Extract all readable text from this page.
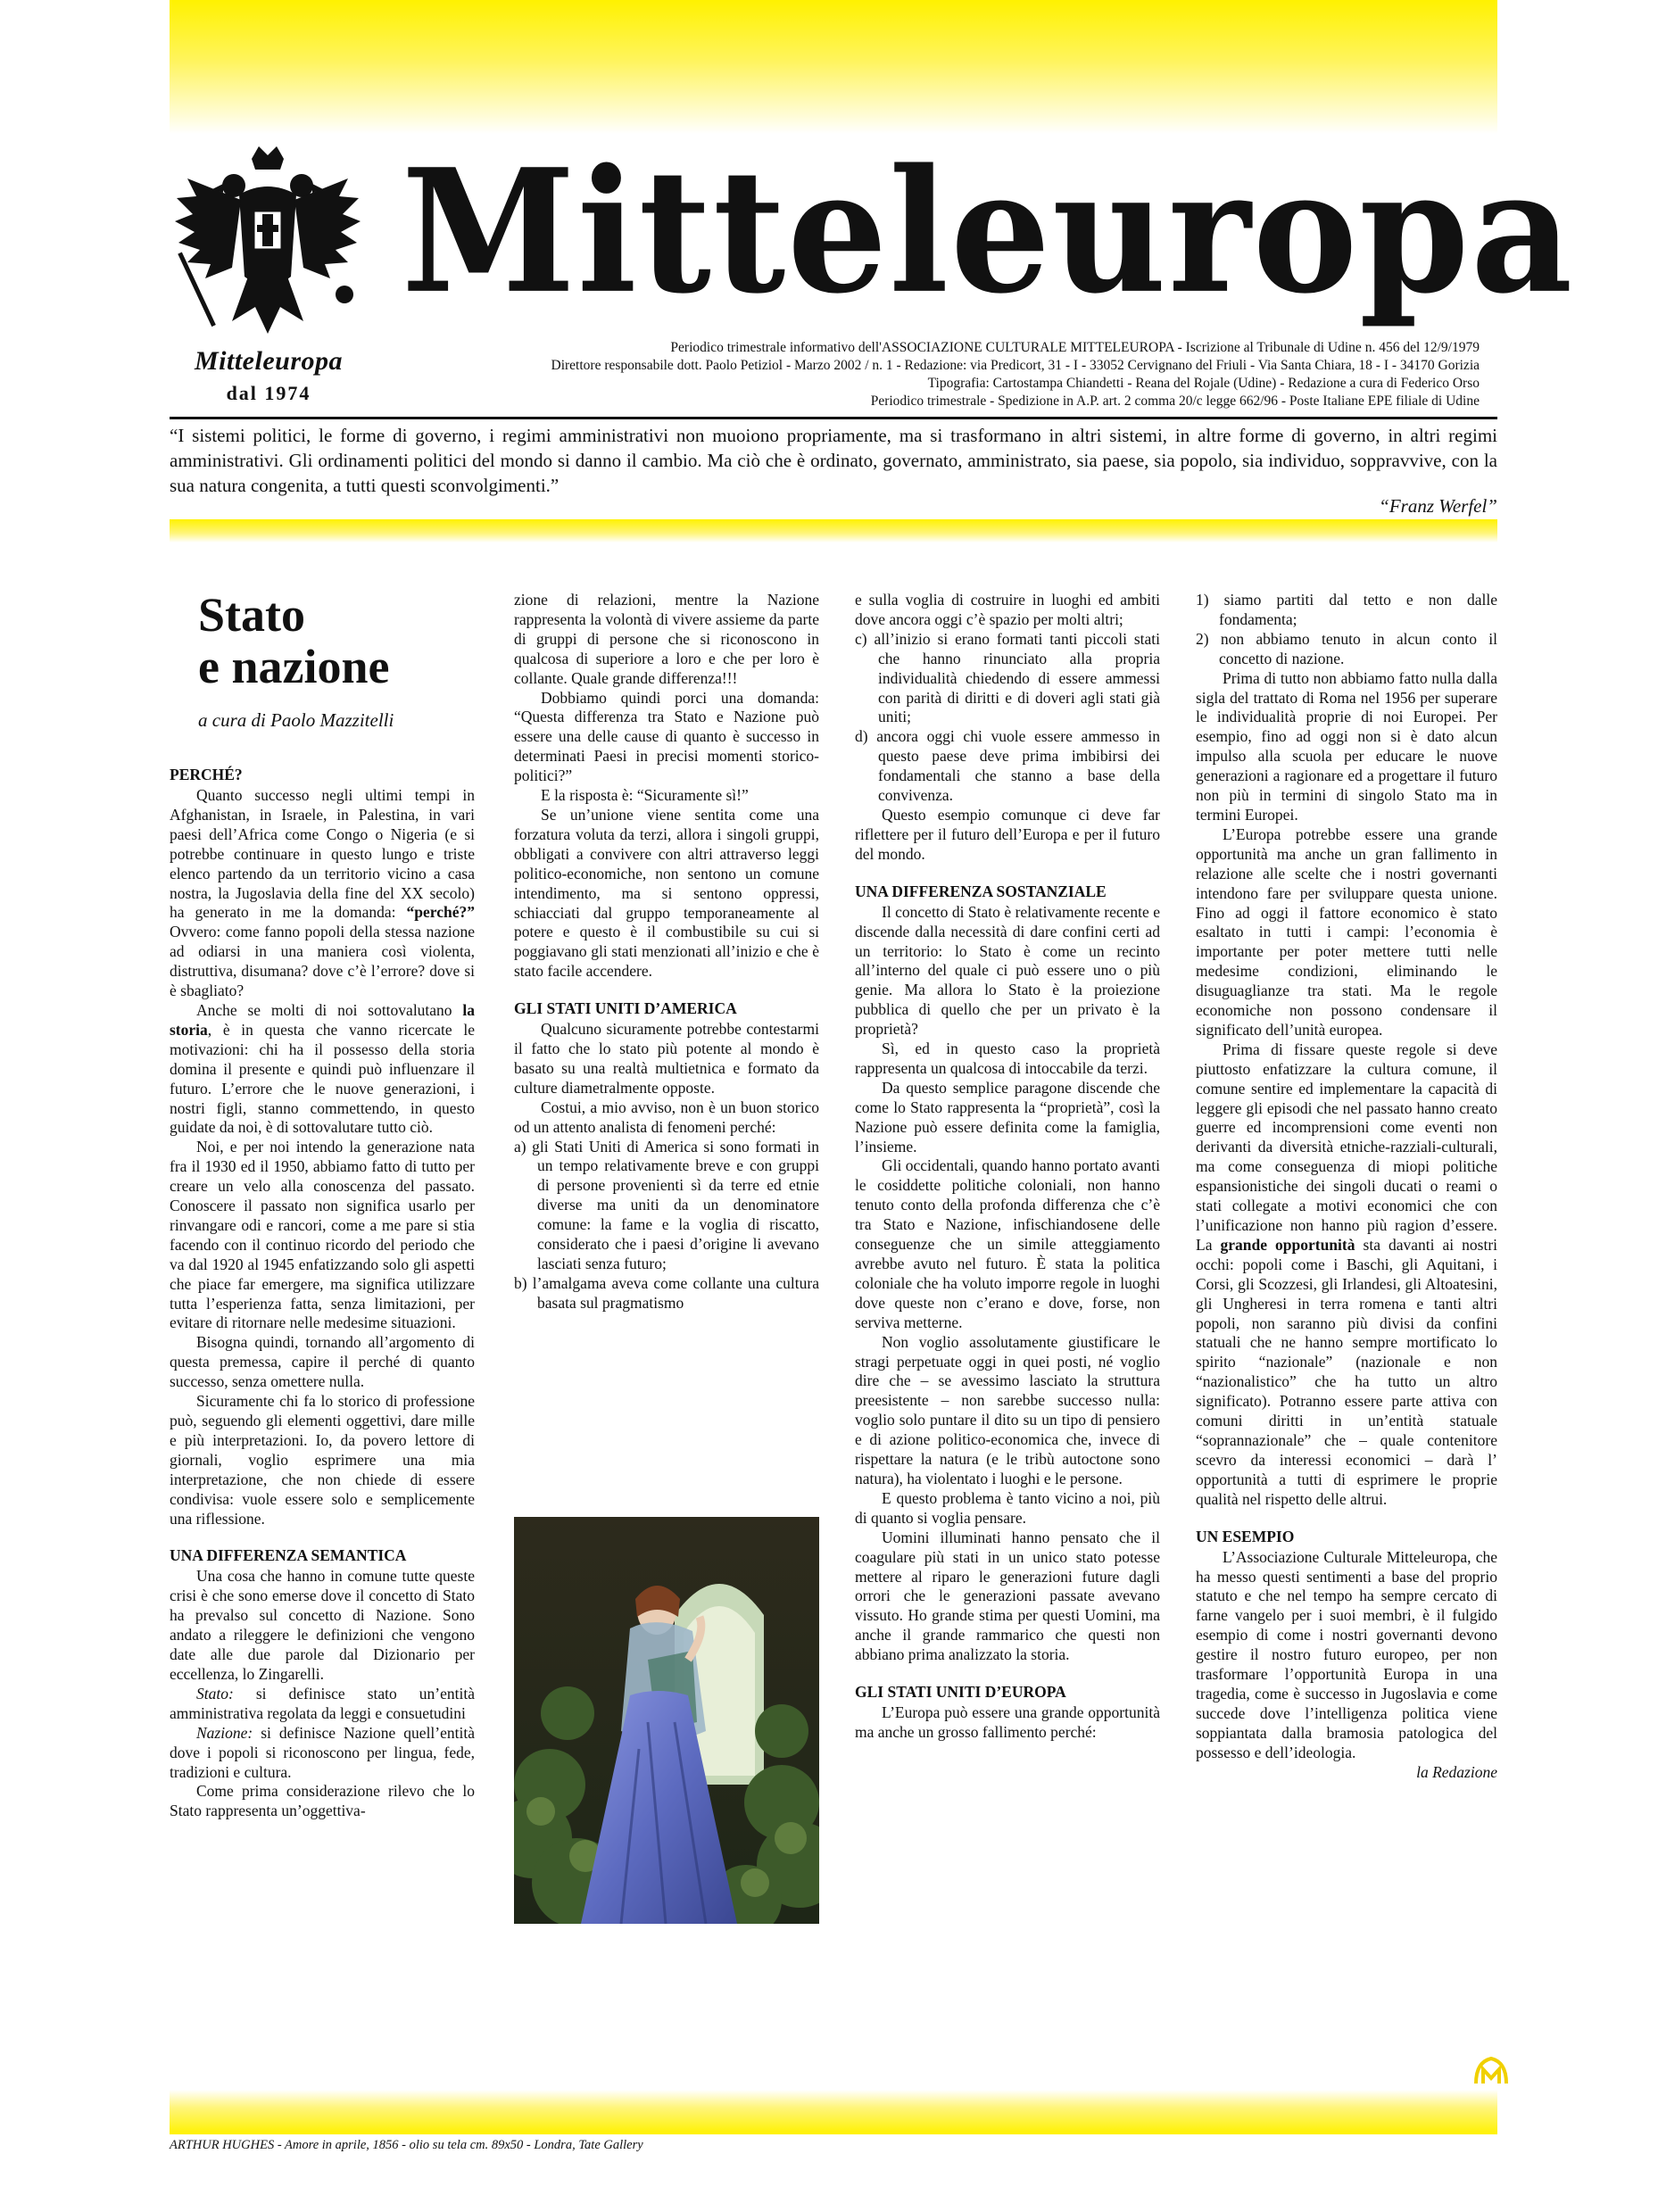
Mitteleuropa
dal 1974
Mitteleuropa
Periodico trimestrale informativo dell'ASSOCIAZIONE CULTURALE MITTELEUROPA - Iscrizione al Tribunale di Udine n. 456 del 12/9/1979
Direttore responsabile dott. Paolo Petiziol - Marzo 2002 / n. 1 - Redazione: via Predicort, 31 - I - 33052 Cervignano del Friuli - Via Santa Chiara, 18 - I - 34170 Gorizia
Tipografia: Cartostampa Chiandetti - Reana del Rojale (Udine) - Redazione a cura di Federico Orso
Periodico trimestrale - Spedizione in A.P. art. 2 comma 20/c legge 662/96 - Poste Italiane EPE filiale di Udine
“I sistemi politici, le forme di governo, i regimi amministrativi non muoiono propriamente, ma si trasformano in altri sistemi, in altre forme di governo, in altri regimi amministrativi. Gli ordinamenti politici del mondo si danno il cambio. Ma ciò che è ordinato, governato, amministrato, sia paese, sia popolo, sia individuo, soppravvive, con la sua natura congenita, a tutti questi sconvolgimenti.”
“Franz Werfel”
Stato
e nazione
a cura di Paolo Mazzitelli
PERCHÉ?

Quanto successo negli ultimi tempi in Afghanistan, in Israele, in Palestina, in vari paesi dell’Africa come Congo o Nigeria (e si potrebbe continuare in questo lungo e triste elenco partendo da un territorio vicino a casa nostra, la Jugoslavia della fine del XX secolo) ha generato in me la domanda: “perché?” Ovvero: come fanno popoli della stessa nazione ad odiarsi in una maniera così violenta, distruttiva, disumana? dove c’è l’errore? dove si è sbagliato?

Anche se molti di noi sottovalutano la storia, è in questa che vanno ricercate le motivazioni: chi ha il possesso della storia domina il presente e quindi può influenzare il futuro. L’errore che le nuove generazioni, i nostri figli, stanno commettendo, in questo guidate da noi, è di sottovalutare tutto ciò.

Noi, e per noi intendo la generazione nata fra il 1930 ed il 1950, abbiamo fatto di tutto per creare un velo alla conoscenza del passato. Conoscere il passato non significa usarlo per rinvangare odi e rancori, come a me pare si stia facendo con il continuo ricordo del periodo che va dal 1920 al 1945 enfatizzando solo gli aspetti che piace far emergere, ma significa utilizzare tutta l’esperienza fatta, senza limitazioni, per evitare di ritornare nelle medesime situazioni.

Bisogna quindi, tornando all’argomento di questa premessa, capire il perché di quanto successo, senza omettere nulla.

Sicuramente chi fa lo storico di professione può, seguendo gli elementi oggettivi, dare mille e più interpretazioni. Io, da povero lettore di giornali, voglio esprimere una mia interpretazione, che non chiede di essere condivisa: vuole essere solo e semplicemente una riflessione.

UNA DIFFERENZA SEMANTICA

Una cosa che hanno in comune tutte queste crisi è che sono emerse dove il concetto di Stato ha prevalso sul concetto di Nazione. Sono andato a rileggere le definizioni che vengono date alle due parole dal Dizionario per eccellenza, lo Zingarelli.

Stato: si definisce stato un’entità amministrativa regolata da leggi e consuetudini

Nazione: si definisce Nazione quell’entità dove i popoli si riconoscono per lingua, fede, tradizioni e cultura.

Come prima considerazione rilevo che lo Stato rappresenta un’oggettiva-

zione di relazioni, mentre la Nazione rappresenta la volontà di vivere assieme da parte di gruppi di persone che si riconoscono in qualcosa di superiore a loro e che per loro è collante. Quale grande differenza!!!

Dobbiamo quindi porci una domanda: “Questa differenza tra Stato e Nazione può essere una delle cause di quanto è successo in determinati Paesi in precisi momenti storico-politici?”

E la risposta è: “Sicuramente sì!”

Se un’unione viene sentita come una forzatura voluta da terzi, allora i singoli gruppi, obbligati a convivere con altri attraverso leggi politico-economiche, non sentono un comune intendimento, ma si sentono oppressi, schiacciati dal gruppo temporaneamente al potere e questo è il combustibile su cui si poggiavano gli stati menzionati all’inizio e che è stato facile accendere.

GLI STATI UNITI D’AMERICA

Qualcuno sicuramente potrebbe contestarmi il fatto che lo stato più potente al mondo è basato su una realtà multietnica e formato da culture diametralmente opposte.

Costui, a mio avviso, non è un buon storico od un attento analista di fenomeni perché:

a) gli Stati Uniti di America si sono formati in un tempo relativamente breve e con gruppi di persone provenienti sì da terre ed etnie diverse ma uniti da un denominatore comune: la fame e la voglia di riscatto, considerato che i paesi d’origine li avevano lasciati senza futuro;

b) l’amalgama aveva come collante una cultura basata sul pragmatismo

e sulla voglia di costruire in luoghi ed ambiti dove ancora oggi c’è spazio per molti altri;

c) all’inizio si erano formati tanti piccoli stati che hanno rinunciato alla propria individualità chiedendo di essere ammessi con parità di diritti e di doveri agli stati già uniti;

d) ancora oggi chi vuole essere ammesso in questo paese deve prima imbibirsi dei fondamentali che stanno a base della convivenza.

Questo esempio comunque ci deve far riflettere per il futuro dell’Europa e per il futuro del mondo.

UNA DIFFERENZA SOSTANZIALE

Il concetto di Stato è relativamente recente e discende dalla necessità di dare confini certi ad un territorio: lo Stato è come un recinto all’interno del quale ci può essere uno o più genie. Ma allora lo Stato è la proiezione pubblica di quello che per un privato è la proprietà?

Sì, ed in questo caso la proprietà rappresenta un qualcosa di intoccabile da terzi.

Da questo semplice paragone discende che come lo Stato rappresenta la “proprietà”, così la Nazione può essere definita come la famiglia, l’insieme.

Gli occidentali, quando hanno portato avanti le cosiddette politiche coloniali, non hanno tenuto conto della profonda differenza che c’è tra Stato e Nazione, infischiandosene delle conseguenze che un simile atteggiamento avrebbe avuto nel futuro. È stata la politica coloniale che ha voluto imporre regole in luoghi dove queste non c’erano e dove, forse, non serviva metterne.

Non voglio assolutamente giustificare le stragi perpetuate oggi in quei posti, né voglio dire che – se avessimo lasciato la struttura preesistente – non sarebbe successo nulla: voglio solo puntare il dito su un tipo di pensiero e di azione politico-economica che, invece di rispettare la natura (e le tribù autoctone sono natura), ha violentato i luoghi e le persone.

E questo problema è tanto vicino a noi, più di quanto si voglia pensare.

Uomini illuminati hanno pensato che il coagulare più stati in un unico stato potesse mettere al riparo le generazioni future dagli orrori che le generazioni passate avevano vissuto. Ho grande stima per questi Uomini, ma anche il grande rammarico che questi non abbiano prima analizzato la storia.

GLI STATI UNITI D’EUROPA

L’Europa può essere una grande opportunità ma anche un grosso fallimento perché:

1) siamo partiti dal tetto e non dalle fondamenta;

2) non abbiamo tenuto in alcun conto il concetto di nazione.

Prima di tutto non abbiamo fatto nulla dalla sigla del trattato di Roma nel 1956 per superare le individualità proprie di noi Europei. Per esempio, fino ad oggi non si è dato alcun impulso alla scuola per educare le nuove generazioni a ragionare ed a progettare il futuro non più in termini di singolo Stato ma in termini Europei.

L’Europa potrebbe essere una grande opportunità ma anche un gran fallimento in relazione alle scelte che i nostri governanti intendono fare per sviluppare questa unione. Fino ad oggi il fattore economico è stato esaltato in tutti i campi: l’economia è importante per poter mettere tutti nelle medesime condizioni, eliminando le disuguaglianze tra stati. Ma le regole economiche non possono condensare il significato dell’unità europea.

Prima di fissare queste regole si deve piuttosto enfatizzare la cultura comune, il comune sentire ed implementare la capacità di leggere gli episodi che nel passato hanno creato guerre ed incomprensioni come eventi non derivanti da diversità etniche-razziali-culturali, ma come conseguenza di miopi politiche espansionistiche dei singoli ducati o reami o stati collegate a motivi economici che con l’unificazione non hanno più ragion d’essere. La grande opportunità sta davanti ai nostri occhi: popoli come i Baschi, gli Aquitani, i Corsi, gli Scozzesi, gli Irlandesi, gli Altoatesini, gli Ungheresi in terra romena e tanti altri popoli, non saranno più divisi da confini statuali che ne hanno sempre mortificato lo spirito “nazionale” (nazionale e non “nazionalistico” che ha tutto un altro significato). Potranno essere parte attiva con comuni diritti in un’entità statuale “soprannazionale” che – quale contenitore scevro da interessi economici – darà l’ opportunità a tutti di esprimere le proprie qualità nel rispetto delle altrui.

UN ESEMPIO

L’Associazione Culturale Mitteleuropa, che ha messo questi sentimenti a base del proprio statuto e che nel tempo ha sempre cercato di farne vangelo per i suoi membri, è il fulgido esempio di come i nostri governanti devono gestire il nostro futuro europeo, per non trasformare l’opportunità Europa in una tragedia, come è successo in Jugoslavia e come succede dove l’intelligenza politica viene soppiantata dalla bramosia patologica del possesso e dell’ideologia.

la Redazione

ARTHUR HUGHES - Amore in aprile, 1856 - olio su tela cm. 89x50 - Londra, Tate Gallery
